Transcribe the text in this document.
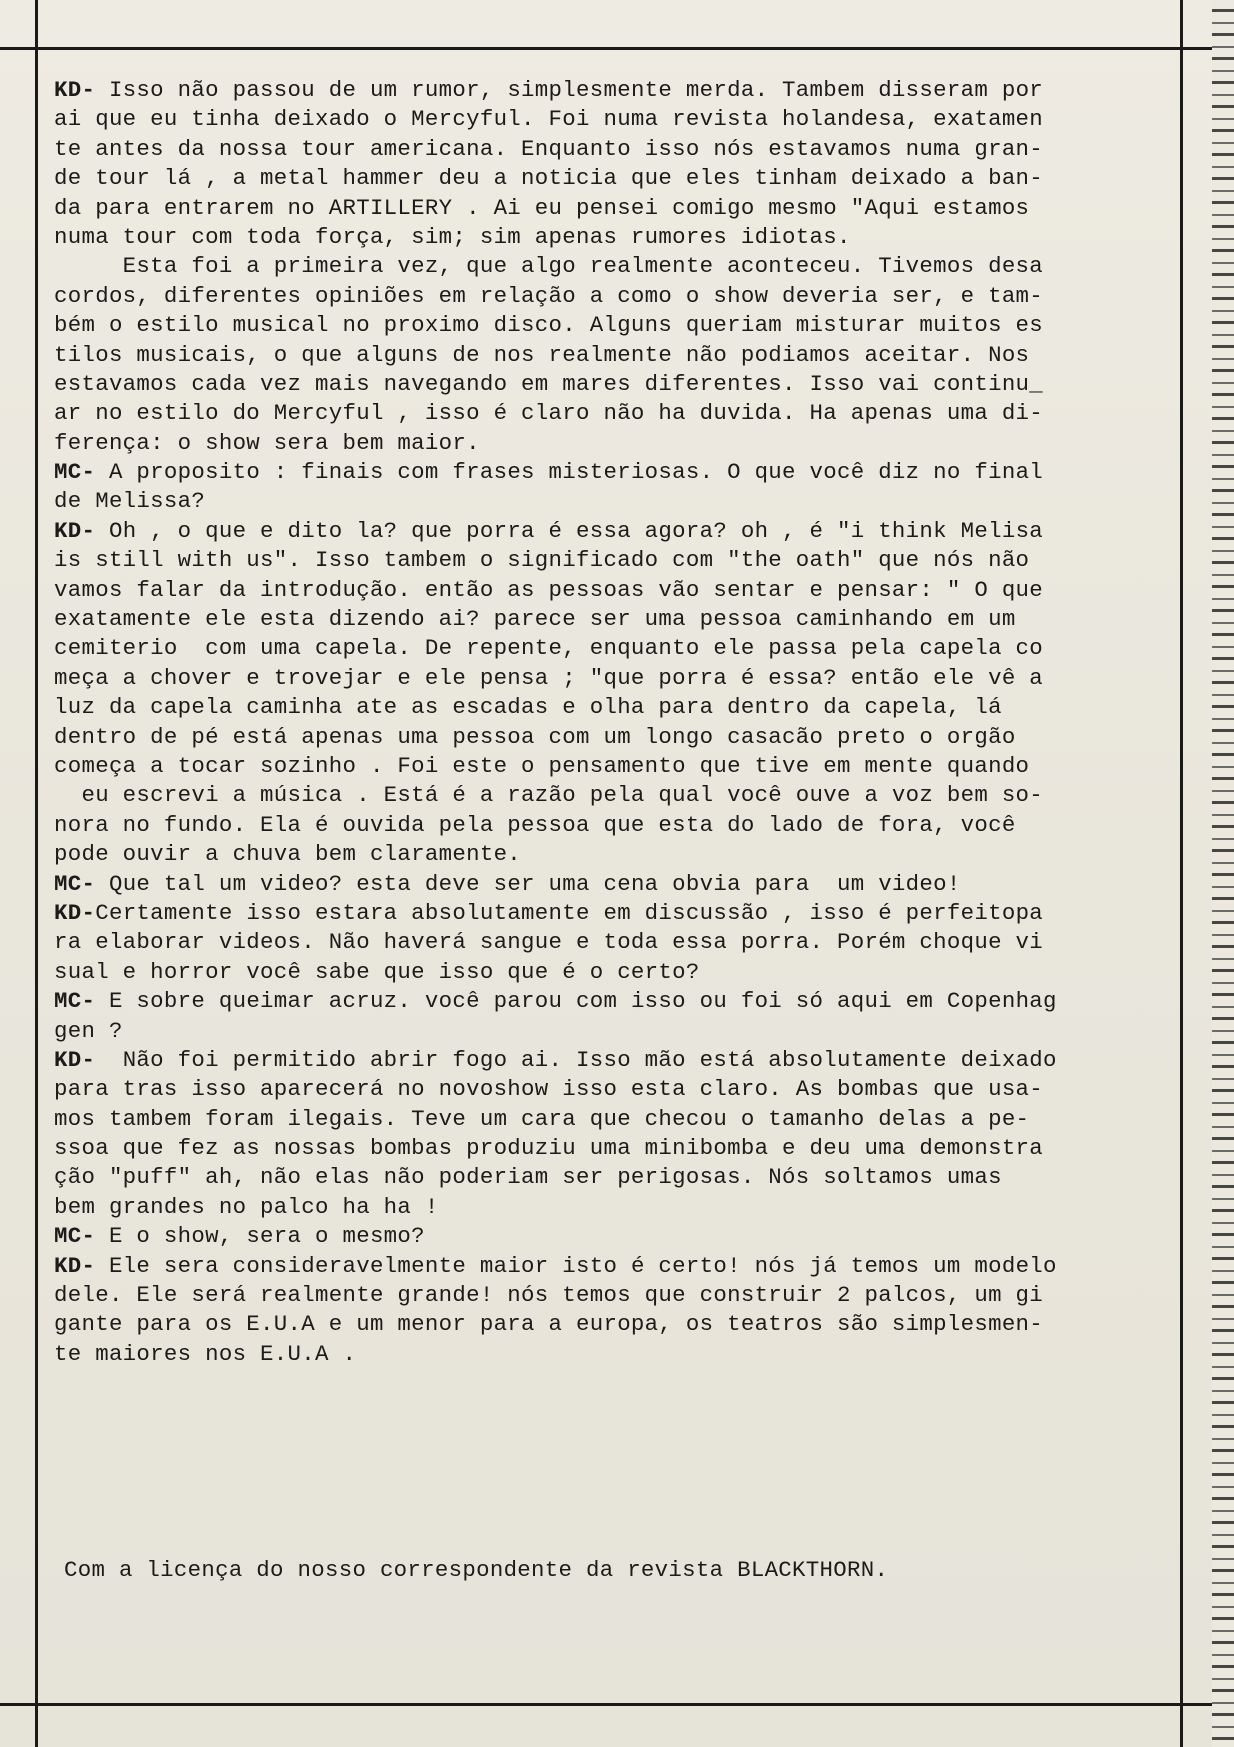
KD- Isso não passou de um rumor, simplesmente merda. Tambem disseram por
ai que eu tinha deixado o Mercyful. Foi numa revista holandesa, exatamen
te antes da nossa tour americana. Enquanto isso nós estavamos numa gran-
de tour lá , a metal hammer deu a noticia que eles tinham deixado a ban-
da para entrarem no ARTILLERY . Ai eu pensei comigo mesmo "Aqui estamos
numa tour com toda força, sim; sim apenas rumores idiotas.
Esta foi a primeira vez, que algo realmente aconteceu. Tivemos desa
cordos, diferentes opiniões em relação a como o show deveria ser, e tam-
bém o estilo musical no proximo disco. Alguns queriam misturar muitos es
tilos musicais, o que alguns de nos realmente não podiamos aceitar. Nos
estavamos cada vez mais navegando em mares diferentes. Isso vai continu_
ar no estilo do Mercyful , isso é claro não ha duvida. Ha apenas uma di-
ferença: o show sera bem maior.
MC- A proposito : finais com frases misteriosas. O que você diz no final
de Melissa?
KD- Oh , o que e dito la? que porra é essa agora? oh , é "i think Melisa
is still with us". Isso tambem o significado com "the oath" que nós não
vamos falar da introdução. então as pessoas vão sentar e pensar: " O que
exatamente ele esta dizendo ai? parece ser uma pessoa caminhando em um
cemiterio  com uma capela. De repente, enquanto ele passa pela capela co
meça a chover e trovejar e ele pensa ; "que porra é essa? então ele vê a
luz da capela caminha ate as escadas e olha para dentro da capela, lá
dentro de pé está apenas uma pessoa com um longo casacão preto o orgão
começa a tocar sozinho . Foi este o pensamento que tive em mente quando
eu escrevi a música . Está é a razão pela qual você ouve a voz bem so-
nora no fundo. Ela é ouvida pela pessoa que esta do lado de fora, você
pode ouvir a chuva bem claramente.
MC- Que tal um video? esta deve ser uma cena obvia para  um video!
KD-Certamente isso estara absolutamente em discussão , isso é perfeitopa
ra elaborar videos. Não haverá sangue e toda essa porra. Porém choque vi
sual e horror você sabe que isso que é o certo?
MC- E sobre queimar acruz. você parou com isso ou foi só aqui em Copenhag
gen ?
KD-  Não foi permitido abrir fogo ai. Isso mão está absolutamente deixado
para tras isso aparecerá no novoshow isso esta claro. As bombas que usa-
mos tambem foram ilegais. Teve um cara que checou o tamanho delas a pe-
ssoa que fez as nossas bombas produziu uma minibomba e deu uma demonstra
ção "puff" ah, não elas não poderiam ser perigosas. Nós soltamos umas
bem grandes no palco ha ha !
MC- E o show, sera o mesmo?
KD- Ele sera consideravelmente maior isto é certo! nós já temos um modelo
dele. Ele será realmente grande! nós temos que construir 2 palcos, um gi
gante para os E.U.A e um menor para a europa, os teatros são simplesmen-
te maiores nos E.U.A .
Com a licença do nosso correspondente da revista BLACKTHORN.
